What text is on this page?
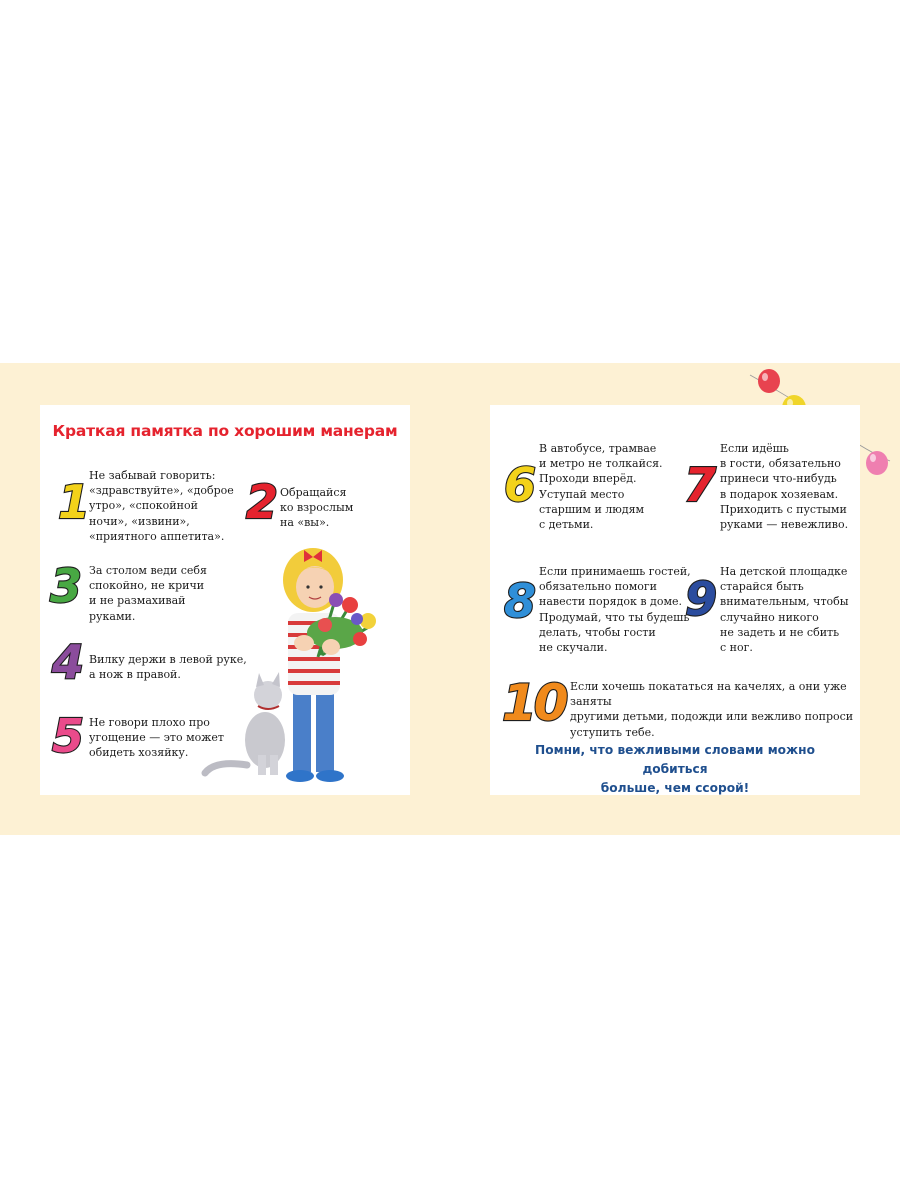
Краткая памятка по хорошим манерам
1
Не забывай говорить:
«здравствуйте», «доброе
утро», «спокойной
ночи», «извини»,
«приятного аппетита».
2 Обращайся
ко взрослым
на «вы».
3 За столом веди себя
спокойно, не кричи
и не размахивай
руками.
4 Вилку держи в левой руке,
а нож в правой.
5 Не говори плохо про
угощение — это может
обидеть хозяйку.
6
В автобусе, трамвае
и метро не толкайся.
Проходи вперёд.
Уступай место
старшим и людям
с детьми.
7
Если идёшь
в гости, обязательно
принеси что-нибудь
в подарок хозяевам.
Приходить с пустыми
руками — невежливо.
8
Если принимаешь гостей,
обязательно помоги
навести порядок в доме.
Продумай, что ты будешь
делать, чтобы гости
не скучали.
9
На детской площадке
старайся быть
внимательным, чтобы
случайно никого
не задеть и не сбить
с ног.
10 Если хочешь покататься на качелях, а они уже заняты
другими детьми, подожди или вежливо попроси
уступить тебе.
Помни, что вежливыми словами можно добиться
больше, чем ссорой!
